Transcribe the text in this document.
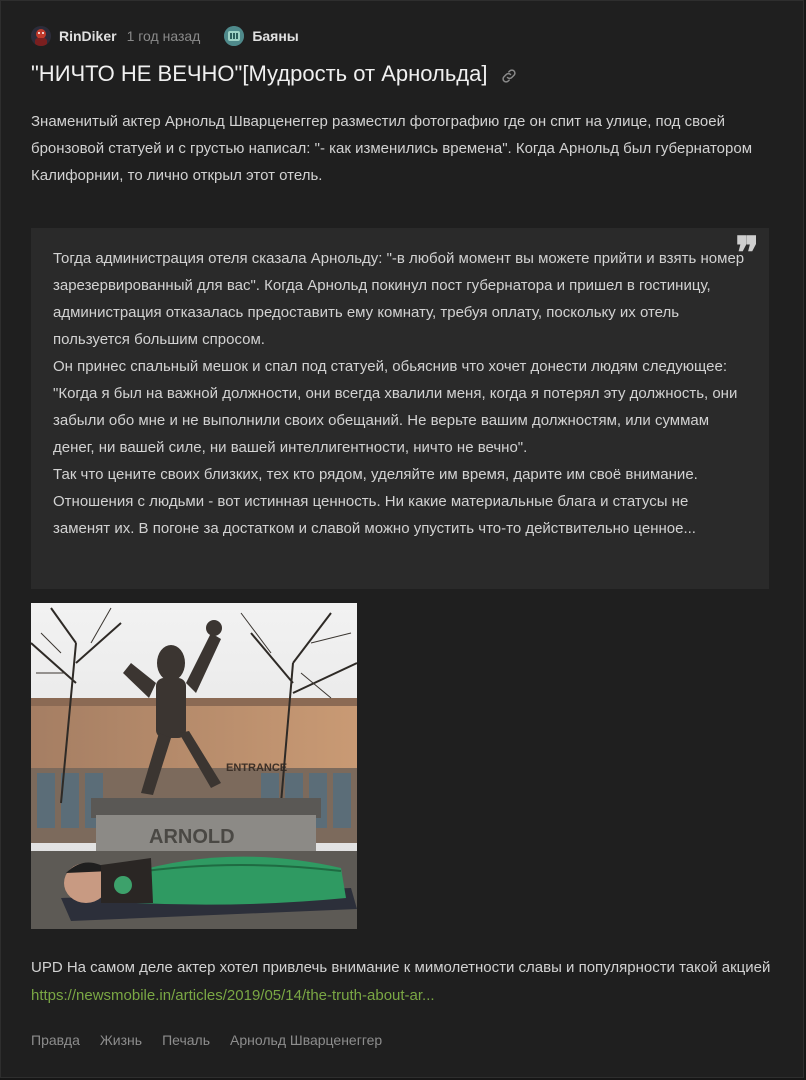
RinDiker 1 год назад	Баяны
"НИЧТО НЕ ВЕЧНО"[Мудрость от Арнольда]
Знаменитый актер Арнольд Шварценеггер разместил фотографию где он спит на улице, под своей бронзовой статуей и с грустью написал: "- как изменились времена". Когда Арнольд был губернатором Калифорнии, то лично открыл этот отель.
❞

Тогда администрация отеля сказала Арнольду: "-в любой момент вы можете прийти и взять номер зарезервированный для вас". Когда Арнольд покинул пост губернатора и пришел в гостиницу, администрация отказалась предоставить ему комнату, требуя оплату, поскольку их отель пользуется большим спросом.

Он принес спальный мешок и спал под статуей, обьяснив что хочет донести людям следующее: "Когда я был на важной должности, они всегда хвалили меня, когда я потерял эту должность, они забыли обо мне и не выполнили своих обещаний. Не верьте вашим должностям, или суммам денег, ни вашей силе, ни вашей интеллигентности, ничто не вечно".

Так что цените своих близких, тех кто рядом, уделяйте им время, дарите им своё внимание. Отношения с людьми - вот истинная ценность. Ни какие материальные блага и статусы не заменят их. В погоне за достатком и славой можно упустить что-то действительно ценное...

ENTRANCE
ARNOLD
UPD На самом деле актер хотел привлечь внимание к мимолетности славы и популярности такой акцией https://newsmobile.in/articles/2019/05/14/the-truth-about-ar...
Правда Жизнь Печаль Арнольд Шварценеггер
